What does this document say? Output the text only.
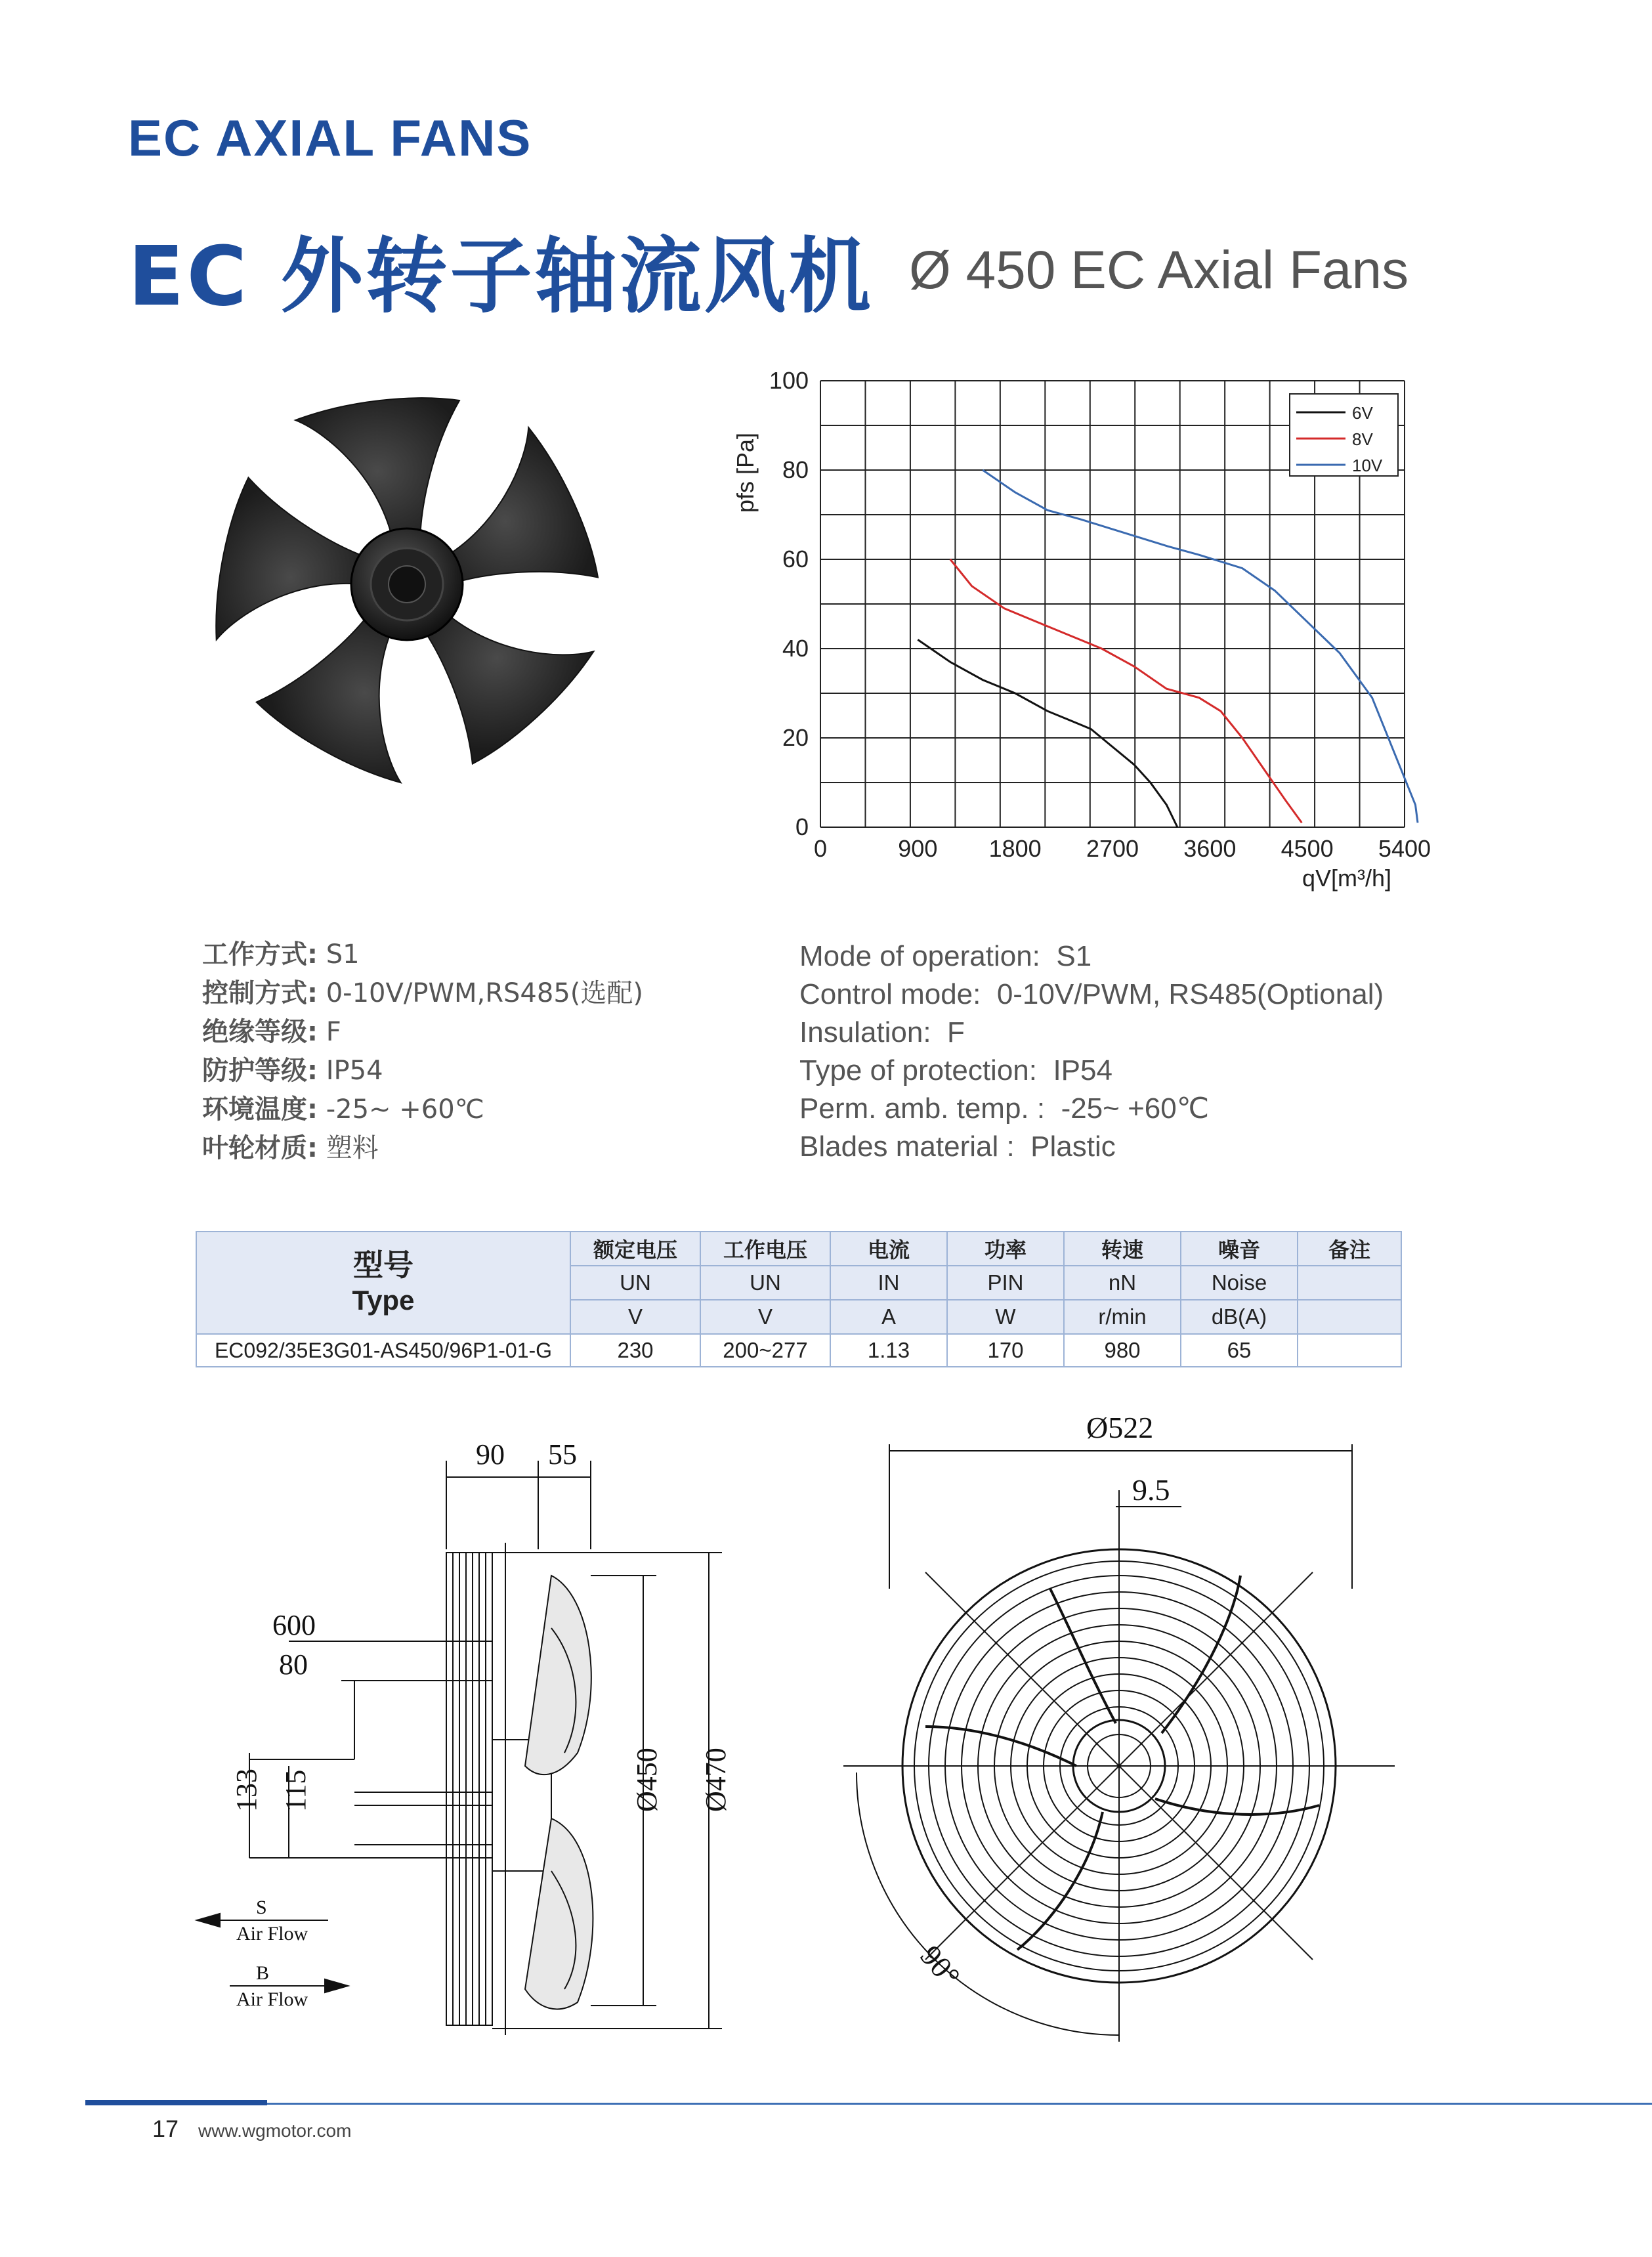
EC AXIAL FANS
EC 外转子轴流风机 Ø 450 EC Axial Fans
0
20
40
60
80
100
0	900 1800 2700 3600 4500 5400
pfs [Pa]
qV[m³/h]
6V
8V
10V
工作方式: S1
控制方式: 0-10V/PWM,RS485(选配)
绝缘等级: F
防护等级: IP54
环境温度: -25~ +60℃
叶轮材质: 塑料
Mode of operation: S1
Control mode: 0-10V/PWM, RS485(Optional)
Insulation: F
Type of protection: IP54
Perm. amb. temp. : -25~ +60℃
Blades material : Plastic
型号
Type	额定电压	工作电压	电流	功率	转速	噪音	备注
	UN	UN	IN	PIN	nN	Noise	
	V	V	A	W	r/min	dB(A)	
EC092/35E3G01-AS450/96P1-01-G	230	200~277	1.13	170	980	65	
90 55
600
80
133 115	Ø450 Ø470
S
Air Flow
B
Air Flow
Ø522
9.5
90°
17 www.wgmotor.com
